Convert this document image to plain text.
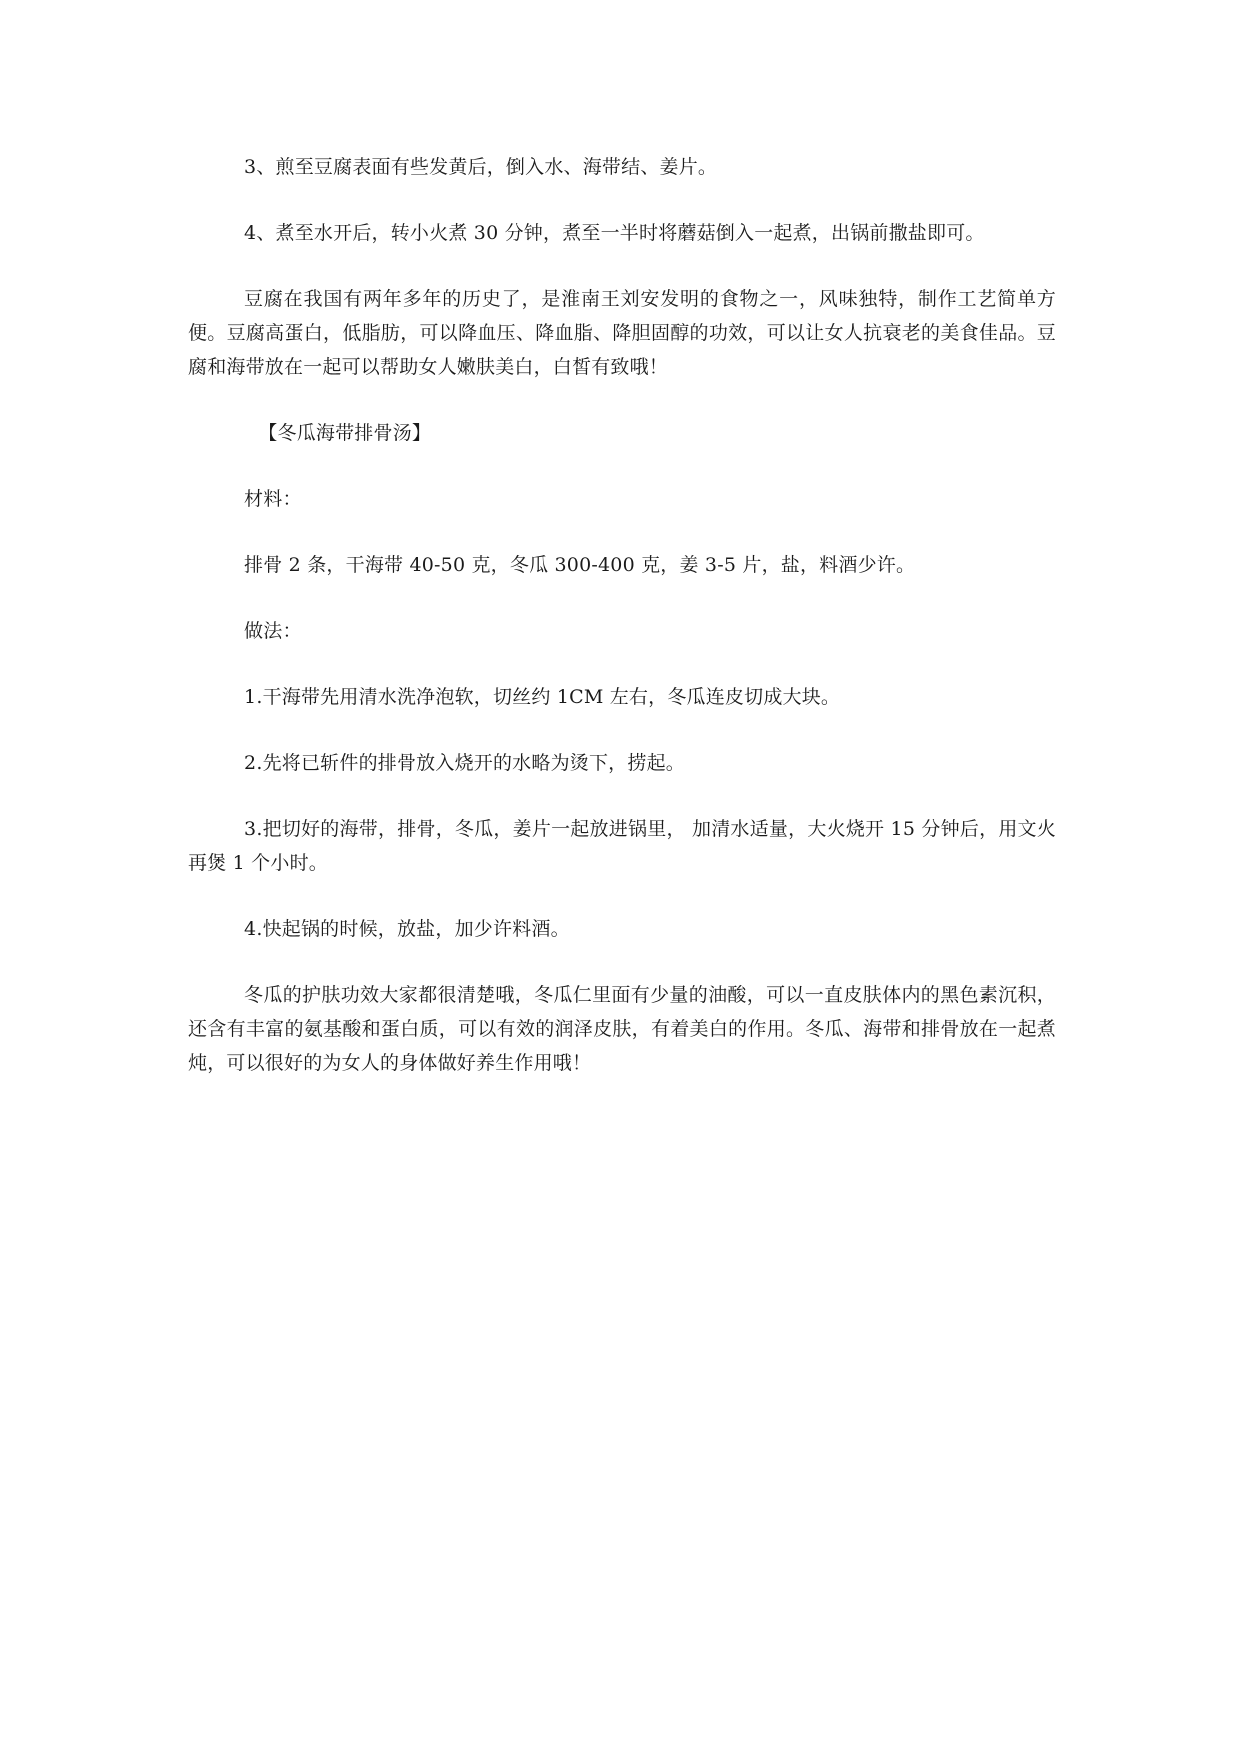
3、煎至豆腐表面有些发黄后，倒入水、海带结、姜片。

4、煮至水开后，转小火煮 30 分钟，煮至一半时将蘑菇倒入一起煮，出锅前撒盐即可。

豆腐在我国有两年多年的历史了，是淮南王刘安发明的食物之一，风味独特，制作工艺简单方便。豆腐高蛋白，低脂肪，可以降血压、降血脂、降胆固醇的功效，可以让女人抗衰老的美食佳品。豆腐和海带放在一起可以帮助女人嫩肤美白，白皙有致哦！

【冬瓜海带排骨汤】

材料：

排骨 2 条，干海带 40-50 克，冬瓜 300-400 克，姜 3-5 片，盐，料酒少许。

做法：

1.干海带先用清水洗净泡软，切丝约 1CM 左右，冬瓜连皮切成大块。

2.先将已斩件的排骨放入烧开的水略为烫下，捞起。

3.把切好的海带，排骨，冬瓜，姜片一起放进锅里， 加清水适量，大火烧开 15 分钟后，用文火再煲 1 个小时。

4.快起锅的时候，放盐，加少许料酒。

冬瓜的护肤功效大家都很清楚哦，冬瓜仁里面有少量的油酸，可以一直皮肤体内的黑色素沉积，还含有丰富的氨基酸和蛋白质，可以有效的润泽皮肤，有着美白的作用。冬瓜、海带和排骨放在一起煮炖，可以很好的为女人的身体做好养生作用哦！
